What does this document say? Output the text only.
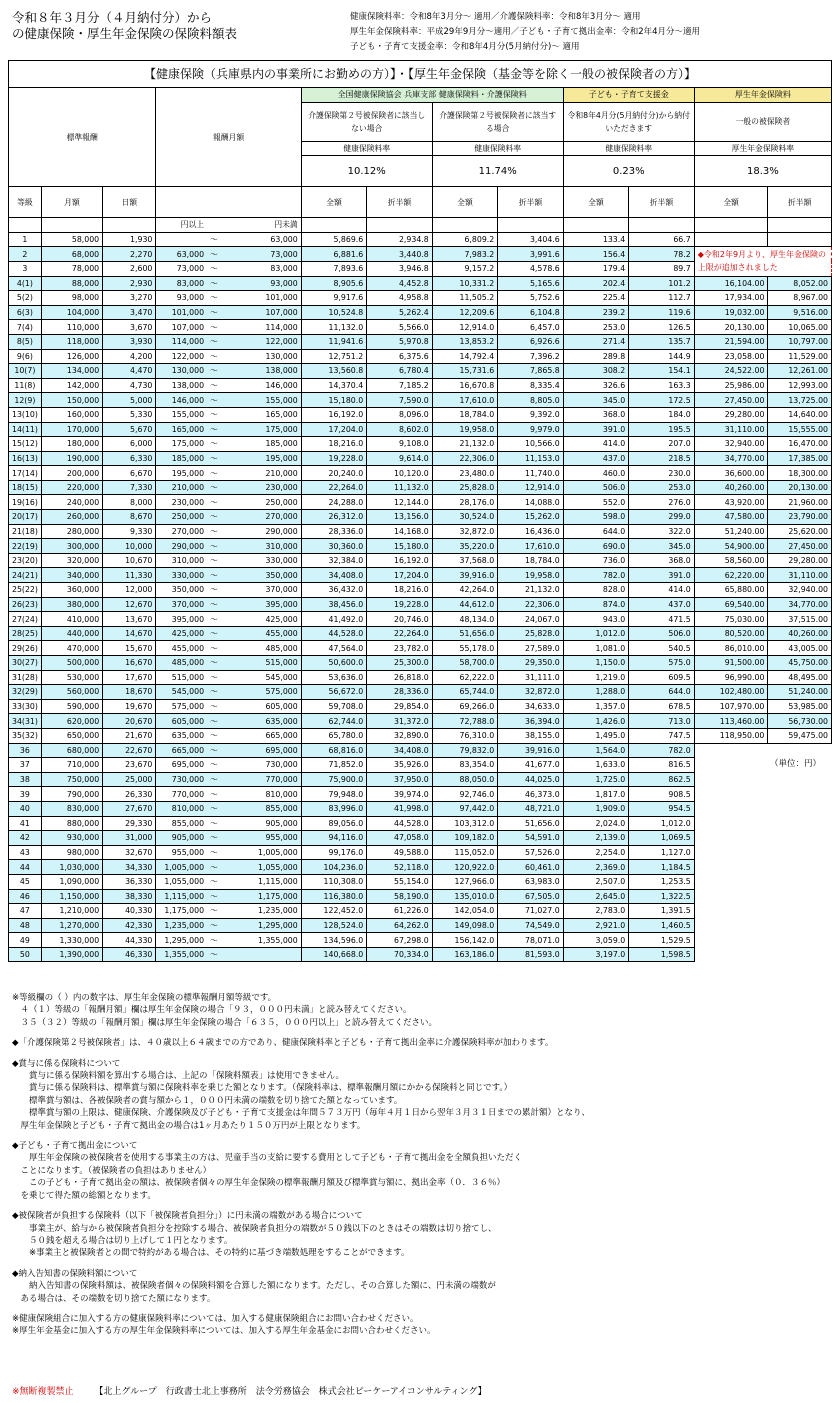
令和８年３月分（４月納付分）から
の健康保険・厚生年金保険の保険料額表
健康保険料率：令和8年3月分～ 適用／介護保険料率：令和8年3月分～ 適用
厚生年金保険料率：平成29年9月分～適用／子ども・子育て拠出金率：令和2年4月分～適用
子ども・子育て支援金率：令和8年4月分(5月納付分)～ 適用
【健康保険（兵庫県内の事業所にお勤めの方）】・【厚生年金保険（基金等を除く一般の被保険者の方）】												
標準報酬			報酬月額		全国健康保険協会 兵庫支部 健康保険料・介護保険料				子ども・子育て支援金		厚生年金保険料	
					介護保険第２号被保険者に該当しない場合		介護保険第２号被保険者に該当する場合		令和8年4月分(5月納付分)から納付いただきます		一般の被保険者	
					健康保険料率		健康保険料率		健康保険料率		厚生年金保険料率	
					10.12%		11.74%		0.23%		18.3%	
等級	月額	日額			全額	折半額	全額	折半額	全額	折半額	全額	折半額
			円以上	円未満								
1	58,000	1,930		～ 63,000	5,869.6	2,934.8	6,809.2	3,404.6	133.4	66.7		
2	68,000	2,270	63,000	～ 73,000	6,881.6	3,440.8	7,983.2	3,991.6	156.4	78.2	◆令和2年9月より、厚生年金保険の上限が追加されました	
3	78,000	2,600	73,000	～ 83,000	7,893.6	3,946.8	9,157.2	4,578.6	179.4	89.7		
4(1)	88,000	2,930	83,000	～ 93,000	8,905.6	4,452.8	10,331.2	5,165.6	202.4	101.2	16,104.00	8,052.00
5(2)	98,000	3,270	93,000	～ 101,000	9,917.6	4,958.8	11,505.2	5,752.6	225.4	112.7	17,934.00	8,967.00
6(3)	104,000	3,470	101,000	～ 107,000	10,524.8	5,262.4	12,209.6	6,104.8	239.2	119.6	19,032.00	9,516.00
7(4)	110,000	3,670	107,000	～ 114,000	11,132.0	5,566.0	12,914.0	6,457.0	253.0	126.5	20,130.00	10,065.00
8(5)	118,000	3,930	114,000	～ 122,000	11,941.6	5,970.8	13,853.2	6,926.6	271.4	135.7	21,594.00	10,797.00
9(6)	126,000	4,200	122,000	～ 130,000	12,751.2	6,375.6	14,792.4	7,396.2	289.8	144.9	23,058.00	11,529.00
10(7)	134,000	4,470	130,000	～ 138,000	13,560.8	6,780.4	15,731.6	7,865.8	308.2	154.1	24,522.00	12,261.00
11(8)	142,000	4,730	138,000	～ 146,000	14,370.4	7,185.2	16,670.8	8,335.4	326.6	163.3	25,986.00	12,993.00
12(9)	150,000	5,000	146,000	～ 155,000	15,180.0	7,590.0	17,610.0	8,805.0	345.0	172.5	27,450.00	13,725.00
13(10)	160,000	5,330	155,000	～ 165,000	16,192.0	8,096.0	18,784.0	9,392.0	368.0	184.0	29,280.00	14,640.00
14(11)	170,000	5,670	165,000	～ 175,000	17,204.0	8,602.0	19,958.0	9,979.0	391.0	195.5	31,110.00	15,555.00
15(12)	180,000	6,000	175,000	～ 185,000	18,216.0	9,108.0	21,132.0	10,566.0	414.0	207.0	32,940.00	16,470.00
16(13)	190,000	6,330	185,000	～ 195,000	19,228.0	9,614.0	22,306.0	11,153.0	437.0	218.5	34,770.00	17,385.00
17(14)	200,000	6,670	195,000	～ 210,000	20,240.0	10,120.0	23,480.0	11,740.0	460.0	230.0	36,600.00	18,300.00
18(15)	220,000	7,330	210,000	～ 230,000	22,264.0	11,132.0	25,828.0	12,914.0	506.0	253.0	40,260.00	20,130.00
19(16)	240,000	8,000	230,000	～ 250,000	24,288.0	12,144.0	28,176.0	14,088.0	552.0	276.0	43,920.00	21,960.00
20(17)	260,000	8,670	250,000	～ 270,000	26,312.0	13,156.0	30,524.0	15,262.0	598.0	299.0	47,580.00	23,790.00
21(18)	280,000	9,330	270,000	～ 290,000	28,336.0	14,168.0	32,872.0	16,436.0	644.0	322.0	51,240.00	25,620.00
22(19)	300,000	10,000	290,000	～ 310,000	30,360.0	15,180.0	35,220.0	17,610.0	690.0	345.0	54,900.00	27,450.00
23(20)	320,000	10,670	310,000	～ 330,000	32,384.0	16,192.0	37,568.0	18,784.0	736.0	368.0	58,560.00	29,280.00
24(21)	340,000	11,330	330,000	～ 350,000	34,408.0	17,204.0	39,916.0	19,958.0	782.0	391.0	62,220.00	31,110.00
25(22)	360,000	12,000	350,000	～ 370,000	36,432.0	18,216.0	42,264.0	21,132.0	828.0	414.0	65,880.00	32,940.00
26(23)	380,000	12,670	370,000	～ 395,000	38,456.0	19,228.0	44,612.0	22,306.0	874.0	437.0	69,540.00	34,770.00
27(24)	410,000	13,670	395,000	～ 425,000	41,492.0	20,746.0	48,134.0	24,067.0	943.0	471.5	75,030.00	37,515.00
28(25)	440,000	14,670	425,000	～ 455,000	44,528.0	22,264.0	51,656.0	25,828.0	1,012.0	506.0	80,520.00	40,260.00
29(26)	470,000	15,670	455,000	～ 485,000	47,564.0	23,782.0	55,178.0	27,589.0	1,081.0	540.5	86,010.00	43,005.00
30(27)	500,000	16,670	485,000	～ 515,000	50,600.0	25,300.0	58,700.0	29,350.0	1,150.0	575.0	91,500.00	45,750.00
31(28)	530,000	17,670	515,000	～ 545,000	53,636.0	26,818.0	62,222.0	31,111.0	1,219.0	609.5	96,990.00	48,495.00
32(29)	560,000	18,670	545,000	～ 575,000	56,672.0	28,336.0	65,744.0	32,872.0	1,288.0	644.0	102,480.00	51,240.00
33(30)	590,000	19,670	575,000	～ 605,000	59,708.0	29,854.0	69,266.0	34,633.0	1,357.0	678.5	107,970.00	53,985.00
34(31)	620,000	20,670	605,000	～ 635,000	62,744.0	31,372.0	72,788.0	36,394.0	1,426.0	713.0	113,460.00	56,730.00
35(32)	650,000	21,670	635,000	～ 665,000	65,780.0	32,890.0	76,310.0	38,155.0	1,495.0	747.5	118,950.00	59,475.00
36	680,000	22,670	665,000	～ 695,000	68,816.0	34,408.0	79,832.0	39,916.0	1,564.0	782.0		
37	710,000	23,670	695,000	～ 730,000	71,852.0	35,926.0	83,354.0	41,677.0	1,633.0	816.5		
38	750,000	25,000	730,000	～ 770,000	75,900.0	37,950.0	88,050.0	44,025.0	1,725.0	862.5		
39	790,000	26,330	770,000	～ 810,000	79,948.0	39,974.0	92,746.0	46,373.0	1,817.0	908.5		
40	830,000	27,670	810,000	～ 855,000	83,996.0	41,998.0	97,442.0	48,721.0	1,909.0	954.5		
41	880,000	29,330	855,000	～ 905,000	89,056.0	44,528.0	103,312.0	51,656.0	2,024.0	1,012.0		
42	930,000	31,000	905,000	～ 955,000	94,116.0	47,058.0	109,182.0	54,591.0	2,139.0	1,069.5		
43	980,000	32,670	955,000	～ 1,005,000	99,176.0	49,588.0	115,052.0	57,526.0	2,254.0	1,127.0		
44	1,030,000	34,330	1,005,000	～ 1,055,000	104,236.0	52,118.0	120,922.0	60,461.0	2,369.0	1,184.5		
45	1,090,000	36,330	1,055,000	～ 1,115,000	110,308.0	55,154.0	127,966.0	63,983.0	2,507.0	1,253.5		
46	1,150,000	38,330	1,115,000	～ 1,175,000	116,380.0	58,190.0	135,010.0	67,505.0	2,645.0	1,322.5		
47	1,210,000	40,330	1,175,000	～ 1,235,000	122,452.0	61,226.0	142,054.0	71,027.0	2,783.0	1,391.5		
48	1,270,000	42,330	1,235,000	～ 1,295,000	128,524.0	64,262.0	149,098.0	74,549.0	2,921.0	1,460.5		
49	1,330,000	44,330	1,295,000	～ 1,355,000	134,596.0	67,298.0	156,142.0	78,071.0	3,059.0	1,529.5		
50	1,390,000	46,330	1,355,000	～	140,668.0	70,334.0	163,186.0	81,593.0	3,197.0	1,598.5		
（単位：円）

※等級欄の（ ）内の数字は、厚生年金保険の標準報酬月額等級です。

　４（１）等級の「報酬月額」欄は厚生年金保険の場合「９３，０００円未満」と読み替えてください。

　３５（３２）等級の「報酬月額」欄は厚生年金保険の場合「６３５，０００円以上」と読み替えてください。

◆「介護保険第２号被保険者」は、４０歳以上６４歳までの方であり、健康保険料率と子ども・子育て拠出金率に介護保険料率が加わります。

◆賞与に係る保険料について

　　賞与に係る保険料額を算出する場合は、上記の「保険料額表」は使用できません。

　　賞与に係る保険料は、標準賞与額に保険料率を乗じた額となります。（保険料率は、標準報酬月額にかかる保険料と同じです。）

　　標準賞与額は、各被保険者の賞与額から１，０００円未満の端数を切り捨てた額となっています。

　　標準賞与額の上限は、健康保険、介護保険及び子ども・子育て支援金は年間５７３万円（毎年４月１日から翌年３月３１日までの累計額）となり、

　厚生年金保険と子ども・子育て拠出金の場合は1ヶ月あたり１５０万円が上限となります。

◆子ども・子育て拠出金について

　　厚生年金保険の被保険者を使用する事業主の方は、児童手当の支給に要する費用として子ども・子育て拠出金を全額負担いただく

　ことになります。（被保険者の負担はありません）

　　この子ども・子育て拠出金の額は、被保険者個々の厚生年金保険の標準報酬月額及び標準賞与額に、拠出金率（０．３６％）

　を乗じて得た額の総額となります。

◆被保険者が負担する保険料（以下「被保険者負担分」）に円未満の端数がある場合について

　　事業主が、給与から被保険者負担分を控除する場合、被保険者負担分の端数が５０銭以下のときはその端数は切り捨てし、

　　５０銭を超える場合は切り上げして１円となります。

　　※事業主と被保険者との間で特約がある場合は、その特約に基づき端数処理をすることができます。

◆納入告知書の保険料額について

　　納入告知書の保険料額は、被保険者個々の保険料額を合算した額になります。ただし、その合算した額に、円未満の端数が

　ある場合は、その端数を切り捨てた額になります。

※健康保険組合に加入する方の健康保険料率については、加入する健康保険組合にお問い合わせください。

※厚生年金基金に加入する方の厚生年金保険料率については、加入する厚生年金基金にお問い合わせください。

※無断複製禁止 【北上グループ　行政書士北上事務所　法令労務協会　株式会社ピーケーアイコンサルティング】
